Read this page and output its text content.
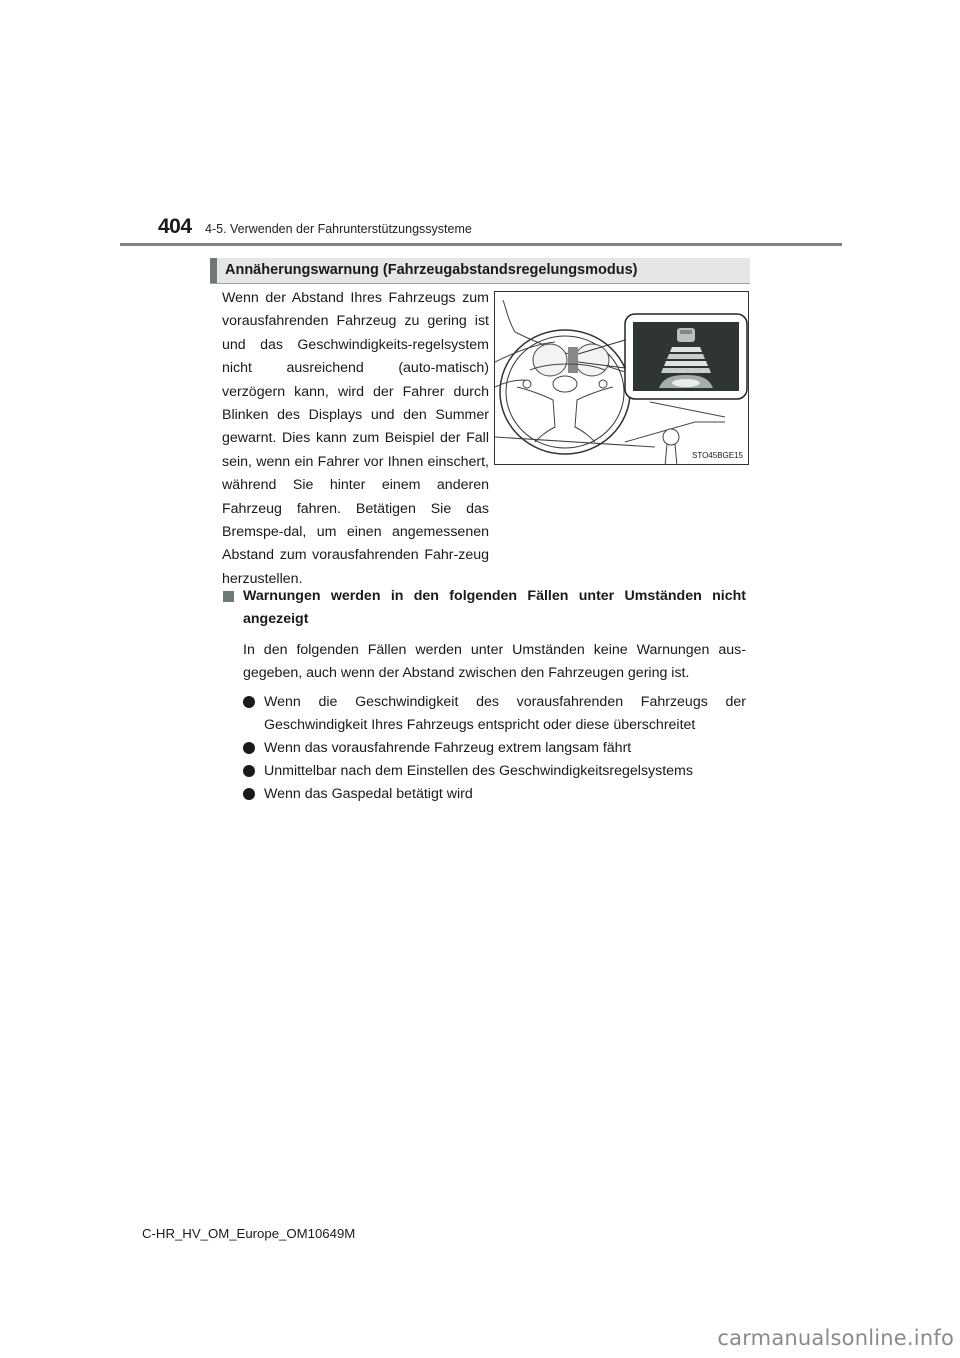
404 4-5. Verwenden der Fahrunterstützungssysteme
Annäherungswarnung (Fahrzeugabstandsregelungsmodus)
Wenn der Abstand Ihres Fahrzeugs zum vorausfahrenden Fahrzeug zu gering ist und das Geschwindigkeits-regelsystem nicht ausreichend (auto-matisch) verzögern kann, wird der Fahrer durch Blinken des Displays und den Summer gewarnt. Dies kann zum Beispiel der Fall sein, wenn ein Fahrer vor Ihnen einschert, während Sie hinter einem anderen Fahrzeug fahren. Betätigen Sie das Bremspe-dal, um einen angemessenen Abstand zum vorausfahrenden Fahr-zeug herzustellen.
STO45BGE15
Warnungen werden in den folgenden Fällen unter Umständen nicht angezeigt
In den folgenden Fällen werden unter Umständen keine Warnungen aus-gegeben, auch wenn der Abstand zwischen den Fahrzeugen gering ist.
Wenn die Geschwindigkeit des vorausfahrenden Fahrzeugs der Geschwindigkeit Ihres Fahrzeugs entspricht oder diese überschreitet
Wenn das vorausfahrende Fahrzeug extrem langsam fährt
Unmittelbar nach dem Einstellen des Geschwindigkeitsregelsystems
Wenn das Gaspedal betätigt wird
C-HR_HV_OM_Europe_OM10649M
carmanualsonline.info
